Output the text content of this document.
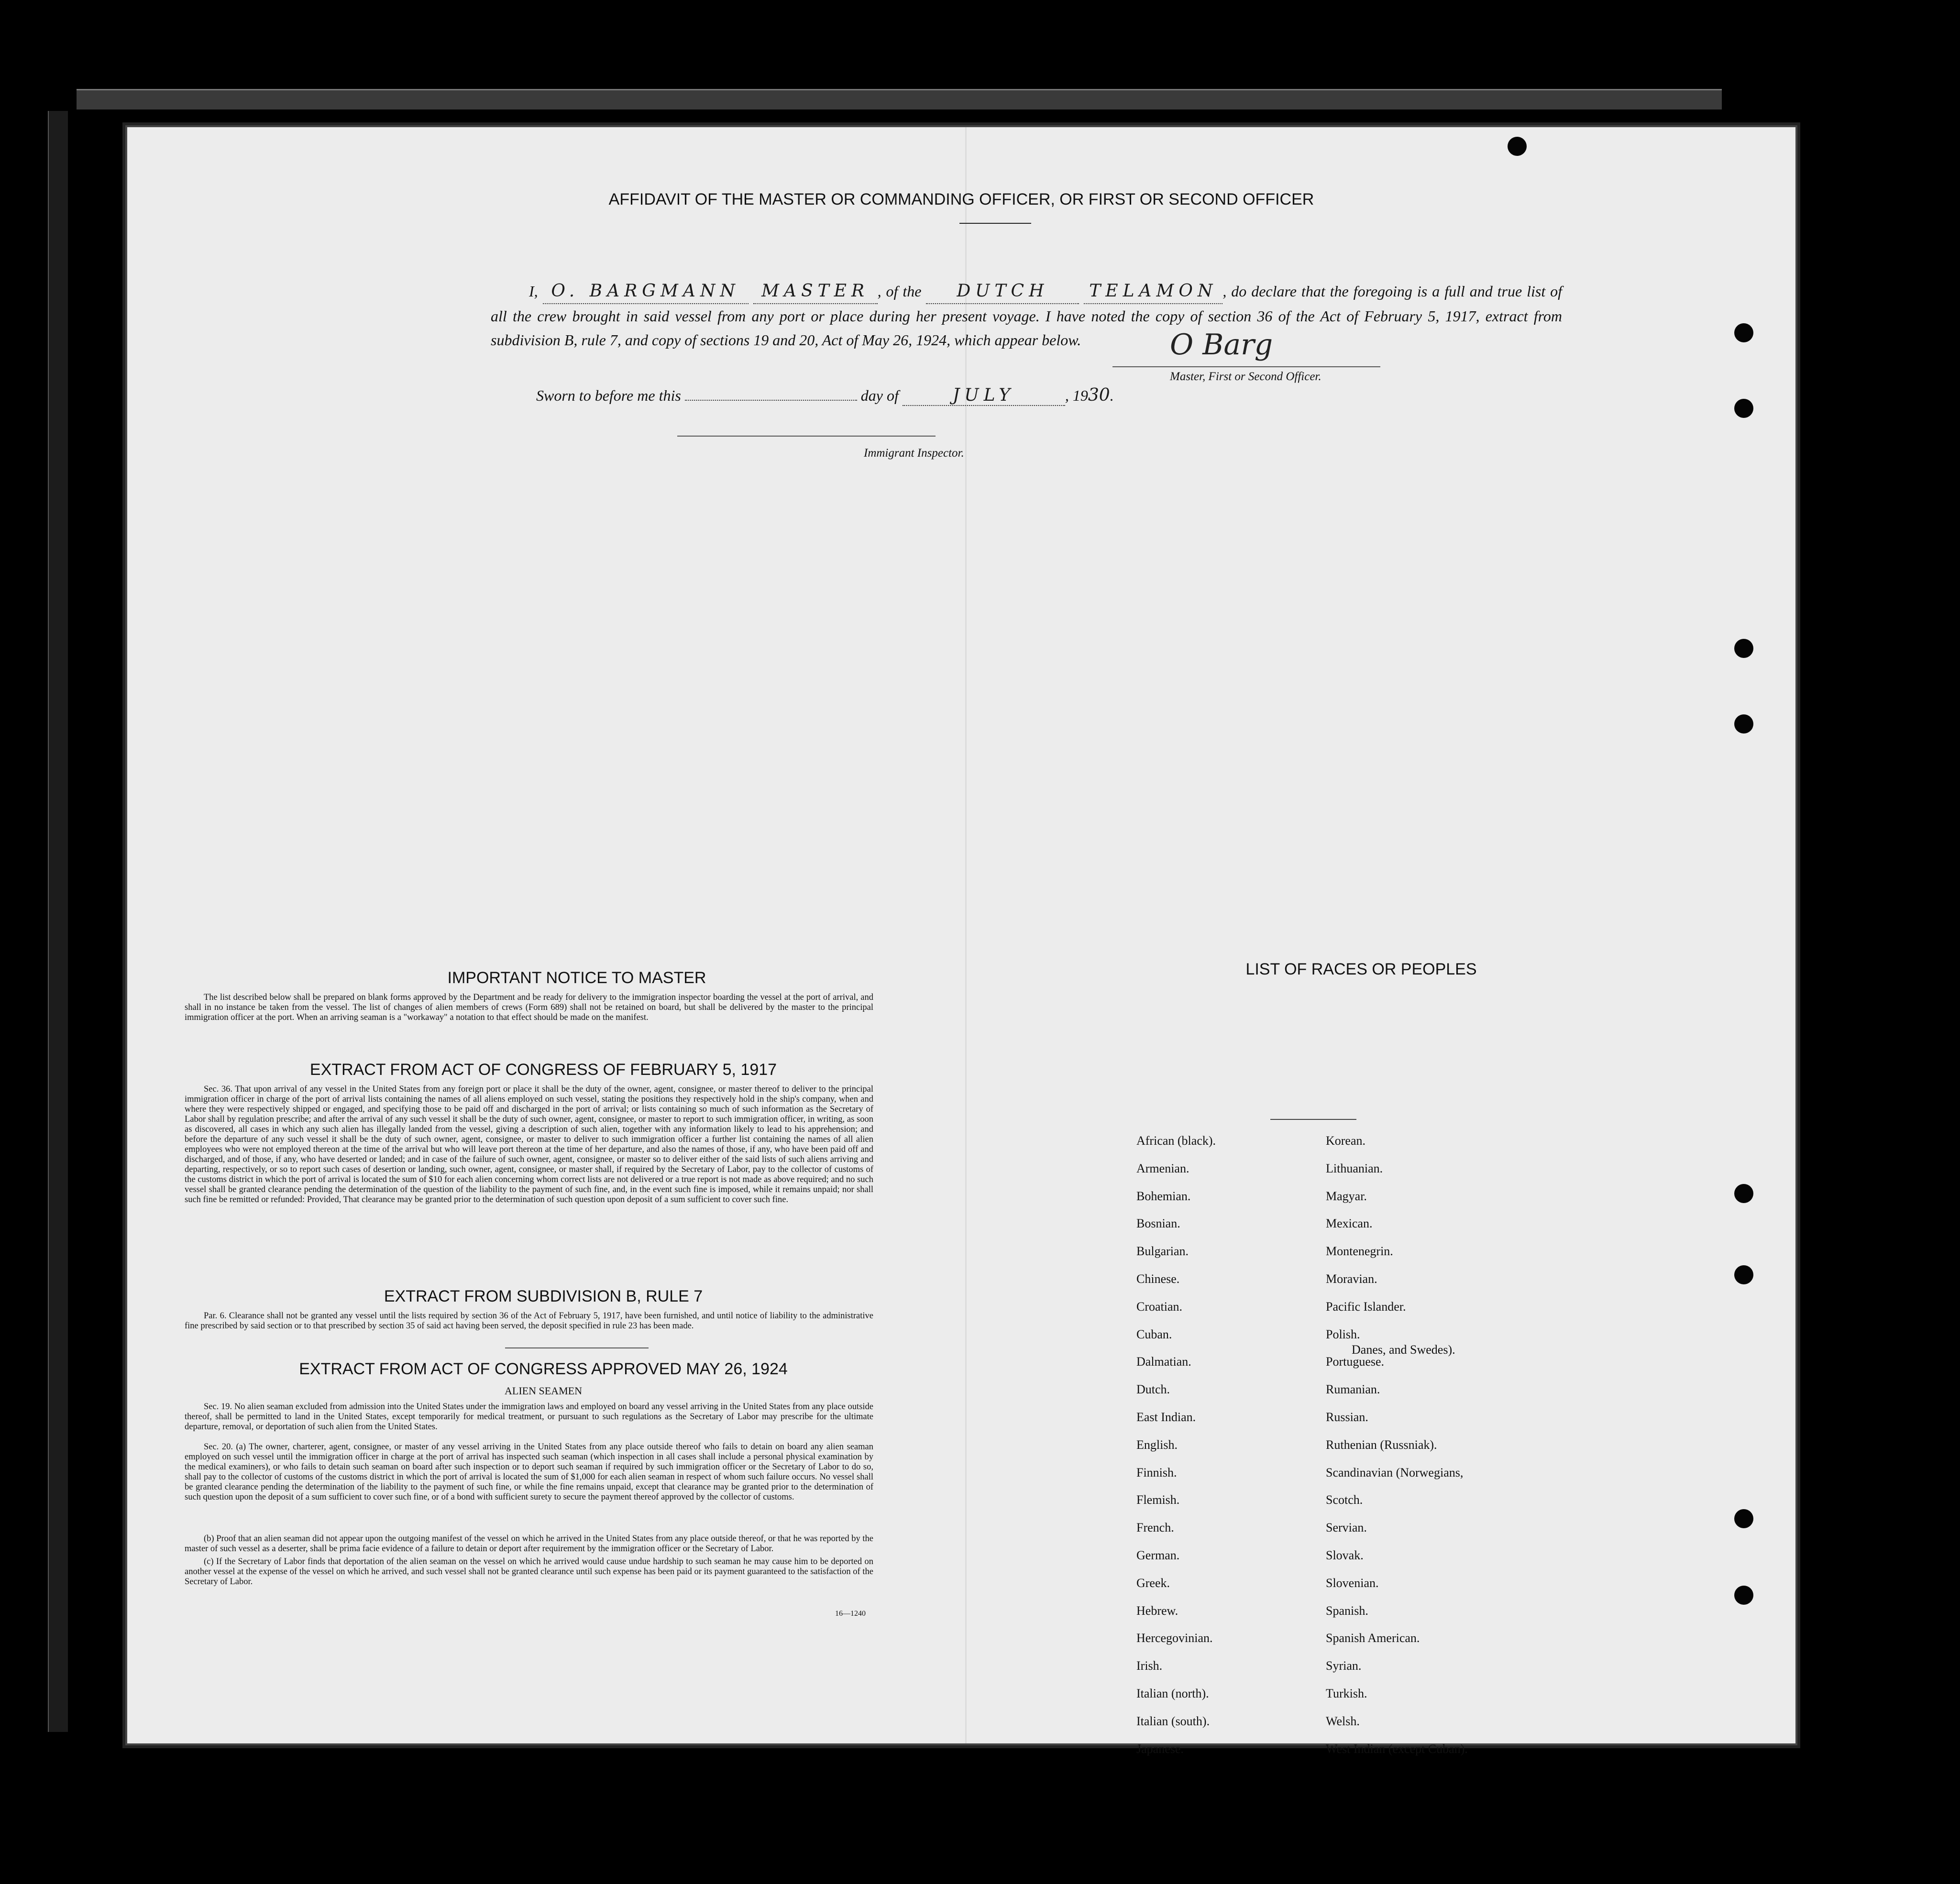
AFFIDAVIT OF THE MASTER OR COMMANDING OFFICER, OR FIRST OR SECOND OFFICER
I, O. BARGMANN MASTER , of the DUTCH TELAMON , do declare that the foregoing is a full and true list of all the crew brought in said vessel from any port or place during her present voyage. I have noted the copy of section 36 of the Act of February 5, 1917, extract from subdivision B, rule 7, and copy of sections 19 and 20, Act of May 26, 1924, which appear below.	O Barg
Master, First or Second Officer.
Sworn to before me this	day of	JULY	, 1930.
Immigrant Inspector.
IMPORTANT NOTICE TO MASTER
The list described below shall be prepared on blank forms approved by the Department and be ready for delivery to the immigration inspector boarding the vessel at the port of arrival, and shall in no instance be taken from the vessel. The list of changes of alien members of crews (Form 689) shall not be retained on board, but shall be delivered by the master to the principal immigration officer at the port. When an arriving seaman is a "workaway" a notation to that effect should be made on the manifest.
EXTRACT FROM ACT OF CONGRESS OF FEBRUARY 5, 1917
Sec. 36. That upon arrival of any vessel in the United States from any foreign port or place it shall be the duty of the owner, agent, consignee, or master thereof to deliver to the principal immigration officer in charge of the port of arrival lists containing the names of all aliens employed on such vessel, stating the positions they respectively hold in the ship's company, when and where they were respectively shipped or engaged, and specifying those to be paid off and discharged in the port of arrival; or lists containing so much of such information as the Secretary of Labor shall by regulation prescribe; and after the arrival of any such vessel it shall be the duty of such owner, agent, consignee, or master to report to such immigration officer, in writing, as soon as discovered, all cases in which any such alien has illegally landed from the vessel, giving a description of such alien, together with any information likely to lead to his apprehension; and before the departure of any such vessel it shall be the duty of such owner, agent, consignee, or master to deliver to such immigration officer a further list containing the names of all alien employees who were not employed thereon at the time of the arrival but who will leave port thereon at the time of her departure, and also the names of those, if any, who have been paid off and discharged, and of those, if any, who have deserted or landed; and in case of the failure of such owner, agent, consignee, or master so to deliver either of the said lists of such aliens arriving and departing, respectively, or so to report such cases of desertion or landing, such owner, agent, consignee, or master shall, if required by the Secretary of Labor, pay to the collector of customs of the customs district in which the port of arrival is located the sum of $10 for each alien concerning whom correct lists are not delivered or a true report is not made as above required; and no such vessel shall be granted clearance pending the determination of the question of the liability to the payment of such fine, and, in the event such fine is imposed, while it remains unpaid; nor shall such fine be remitted or refunded: Provided, That clearance may be granted prior to the determination of such question upon deposit of a sum sufficient to cover such fine.
EXTRACT FROM SUBDIVISION B, RULE 7
Par. 6. Clearance shall not be granted any vessel until the lists required by section 36 of the Act of February 5, 1917, have been furnished, and until notice of liability to the administrative fine prescribed by said section or to that prescribed by section 35 of said act having been served, the deposit specified in rule 23 has been made.
EXTRACT FROM ACT OF CONGRESS APPROVED MAY 26, 1924
ALIEN SEAMEN
Sec. 19. No alien seaman excluded from admission into the United States under the immigration laws and employed on board any vessel arriving in the United States from any place outside thereof, shall be permitted to land in the United States, except temporarily for medical treatment, or pursuant to such regulations as the Secretary of Labor may prescribe for the ultimate departure, removal, or deportation of such alien from the United States.
Sec. 20. (a) The owner, charterer, agent, consignee, or master of any vessel arriving in the United States from any place outside thereof who fails to detain on board any alien seaman employed on such vessel until the immigration officer in charge at the port of arrival has inspected such seaman (which inspection in all cases shall include a personal physical examination by the medical examiners), or who fails to detain such seaman on board after such inspection or to deport such seaman if required by such immigration officer or the Secretary of Labor to do so, shall pay to the collector of customs of the customs district in which the port of arrival is located the sum of $1,000 for each alien seaman in respect of whom such failure occurs. No vessel shall be granted clearance pending the determination of the liability to the payment of such fine, or while the fine remains unpaid, except that clearance may be granted prior to the determination of such question upon the deposit of a sum sufficient to cover such fine, or of a bond with sufficient surety to secure the payment thereof approved by the collector of customs.
(b) Proof that an alien seaman did not appear upon the outgoing manifest of the vessel on which he arrived in the United States from any place outside thereof, or that he was reported by the master of such vessel as a deserter, shall be prima facie evidence of a failure to detain or deport after requirement by the immigration officer or the Secretary of Labor.
(c) If the Secretary of Labor finds that deportation of the alien seaman on the vessel on which he arrived would cause undue hardship to such seaman he may cause him to be deported on another vessel at the expense of the vessel on which he arrived, and such vessel shall not be granted clearance until such expense has been paid or its payment guaranteed to the satisfaction of the Secretary of Labor.
16—1240
LIST OF RACES OR PEOPLES
African (black).
Armenian.
Bohemian.
Bosnian.
Bulgarian.
Chinese.
Croatian.
Cuban.
Dalmatian.
Dutch.
East Indian.
English.
Finnish.
Flemish.
French.
German.
Greek.
Hebrew.
Hercegovinian.
Irish.
Italian (north).
Italian (south).
Japanese.
Korean.
Lithuanian.
Magyar.
Mexican.
Montenegrin.
Moravian.
Pacific Islander.
Polish.
Portuguese.
Rumanian.
Russian.
Ruthenian (Russniak).
Scandinavian (Norwegians,
Scotch.
Servian.
Slovak.
Slovenian.
Spanish.
Spanish American.
Syrian.
Turkish.
Welsh.
West Indian (except Cuban).
Danes, and Swedes).
